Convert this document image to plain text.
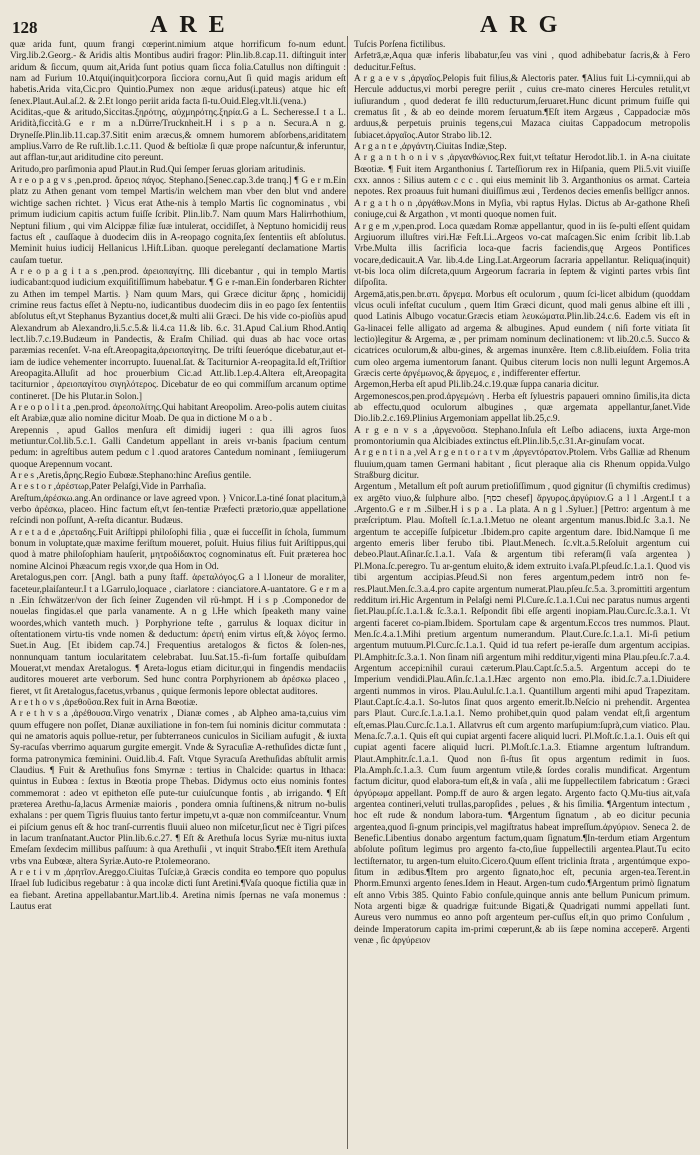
128	ARE	ARG

quæ arida funt, quum frangi cœperint.nimium atque horrificum fo-num edunt. Virg.lib.2.Georg.- & Aridis altis Montibus audiri fragor: Plin.lib.8.cap.11. diſtinguit inter aridum & ſiccum, quum ait,Arida ſunt potius quam ſicca folia.Catullus non diſtinguit : nam ad Furium 10.Atqui(inquit)corpora ſicciora cornu,Aut ſi quid magis aridum eſt habetis.Arida vita,Cic.pro Quintio.Pumex non æque aridus(i.pateus) atque hic eſt ſenex.Plaut.Aul.aſ.2. & 2.Et longo periit arida facta ſi-tu.Ouid.Eleg.vlt.li.(vena.)

Aciditas,-que & aritudo,Siccitas.ξηρότης, αὐχμηρότης.ξηρία.G a L. Secheresse.I t a L. Aridità,ficcità.G e r m a n.Dürre/Trucknheit.H i s p a n. Secura.A n g. Dryneſſe.Plin.lib.11.cap.37.Sitit enim aræcus,& omnem humorem abſorbens,ariditatem amplius.Varro de Re ruſt.lib.1.c.11. Quod & beſtiolæ ſi quæ prope naſcuntur,& inferuntur, aut afflan-tur,aut ariditudine cito pereunt.

Aritudo,pro parſimonia apud Plaut.in Rud.Qui ſemper ſeruas gloriam aritudinis.

A r e o p a g v s ,pen.prod. ἄρειος πάγος. Stephano.[Senec.cap.3.de tranq.] ¶ G e r m.Ein platz zu Athen genant vom tempel Martis/in welchem man vber den blut vnd andere wichtige sachen richtet. } Vicus erat Athe-nis à templo Martis ſic cognominatus , vbi primum iudicium capitis actum fuiſſe ſcribit. Plin.lib.7. Nam quum Mars Halirrhothium, Neptuni filium , qui vim Alcippæ filiæ ſuæ intulerat, occidiſſet, à Neptuno homicidij reus factus eſt , cauſſaque à duodecim diis in A-reopago cognita,ſex ſententiis eſt abſolutus. Meminit huius iudicij Hellanicus l.Hiſt.Liban. quoque perelegantí declamatione Martis cauſam tuetur.

A r e o p a g i t a s ,pen.prod. ἀρειοπαγίτης. Illi dicebantur , qui in templo Martis iudicabant:quod iudicium exquiſitiſſimum habebatur. ¶ G e r-man.Ein ſonderbaren Richter zu Athen im tempel Martis. } Nam quum Mars, qui Græce dicitur ἄρης , homicidij crimine reus factus eſſet à Neptu-no, iudicantibus duodecim diis in eo pago ſex ſententiis abſolutus eſt,vt Stephanus Byzantius docet,& multi alii Græci. De his vide co-pioſiùs apud Alexandrum ab Alexandro,li.5.c.5.& li.4.ca 11.& lib. 6.c. 31.Apud Cal.ium Rhod.Antiq lect.lib.7.c.19.Budæum in Pandectis, & Eraſm Chiliad. qui duas ab hac voce ortas paræmias recenſet. V-na eſt.Areopagita,ἀρειοπαγίτης. De triſti ſeueróque dicebatur,aut et-iam de iudice vehementer incorrupto. Iuuenal.ſat. & Taciturnior A-reopagita.Id eſt,Triſtior Areopagita.Alluſit ad hoc prouerbium Cic.ad Att.lib.1.ep.4.Altera eſt,Areopagita taciturnior , ἀρειοπαγίτου σιγηλότερος. Dicebatur de eo qui commiſſum arcanum optime contineret. [De his Plutar.in Solon.]

A r e o p o l i t a ,pen.prod. ἀρεοπολίτης.Qui habitant Areopolim. Areo-polis autem ciuitas eſt Arabiæ,quæ alio nomine dicitur Moab. De qua in dictione M o a b .

Arepennis , apud Gallos menſura eſt dimidij iugeri : qua illi agros ſuos metiuntur.Col.lib.5.c.1. Galli Candetum appellant in areis vr-banis ſpacium centum pedum: in agreſtibus autem pedum c l .quod aratores Cantedum nominant , ſemiiugerum quoque Arepennum vocant.

A r e s ,Aretis,ἄρης.Regio Eubœæ.Stephano:hinc Areſius gentile.

A r e s t o r ,ἀρέστωρ,Pater Pelaſgi,Vide in Parrhaſia.

Areſtum,ἀρέσκω.ang.An ordinance or lave agreed vpon. } Vnicor.La-tiné ſonat placitum,à verbo ἀρέσκω, placeo. Hinc factum eſt,vt ſen-tentiæ Præfecti prætorio,quæ appellatione reſcindi non poſſunt, A-reſta dicantur. Budæus.

A r e t a d e ,ἀρεταδης.Fuit Ariſtippi philoſophi filia , quæ ei ſucceſſit in ſchola, ſummum bonum in voluptate,quæ maxime feriſtum moueret, poſuit. Huius filius fuit Ariſtippus,qui quod à matre philoſophiam hauſerit, μητροδίδακτος cognominatus eſt. Fuit præterea hoc nomine Alcinoi Phæacum regis vxor,de qua Hom in Od.

Aretalogus,pen corr. [Angl. bath a puny ſtaff. ἀρεταλόγος.G a l l.Ioneur de moraliter, faceteur,plaiſanteur.I t a l.Garrulo,loquace , ciarlatore : cianciatore.A-uantatore. G e r m a n .Ein ſchwätzer/von der ſich ſeiner Zugenden vil rü-hmpt. H i s p .Componedor de nouelas fingidas.el que parla vanamente. A n g l.He which ſpeaketh many vaine woordes,which vanteth much. } Porphyrione teſte , garrulus & loquax dicitur in oſtentationem virtu-tis vnde nomen & deductum: ἀρετή enim virtus eſt,& λόγος ſermo. Suet.in Aug. [Et ibidem cap.74.] Frequentius aretalogos & fictos & ſolen-nes, nonnunquam tantum iocularitatem celebrabat. Iuu.Sat.15.-fi-ſum fortaſſe quibuſdam Mouerat,vt mendax Aretalogus. ¶ Areta-logus etiam dicitur,qui in fingendis mendaciis auditores moueret arte verborum. Sed hunc contra Porphyrionem ab ἀρέσκω placeo , fieret, vt ſit Aretalogus,facetus,vrbanus , quique ſermonis lepore oblectat auditores.

A r e t h o v s ,ἀρεθοῦσα.Rex fuit in Arna Bœotiæ.

A r e t h v s a ,ἀρέθουσα.Virgo venatrix , Dianæ comes , ab Alpheo ama-ta,cuius vim quum effugere non poſſet, Dianæ auxiliatione in fon-tem ſui nominis dicitur commutata : qui ne amatoris aquis pollue-retur, per ſubterraneos cuniculos in Siciliam aufugit , & iuxta Sy-racuſas vberrimo aquarum gurgite emergit. Vnde & Syracuſiæ A-rethuſides dictæ ſunt , forma patronymica fœminini. Ouid.lib.4. Faſt. Vtque Syracuſa Arethuſidas abſtulit armis Claudius. ¶ Fuit & Arethuſius fons Smyrnæ : tertius in Chalcide: quartus in Ithaca: quintus in Eubœa : ſextus in Bœotia prope Thebas. Didymus octo eius nominis fontes commemorat : adeo vt epitheton eſſe pute-tur cuiuſcunque fontis , ab irrigando. ¶ Eſt præterea Arethu-ſa,lacus Armeniæ maioris , pondera omnia ſuſtinens,& nitrum no-bulis exhalans : per quem Tigris fluuius tanto fertur impetu,vt a-quæ non commiſceantur. Vnum ei piſcium genus eſt & hoc tranſ-currentis fluuii alueo non miſcetur,ſicut nec è Tigri piſces in lacum tranſnatant.Auctor Plin.lib.6.c.27. ¶ Eſt & Arethuſa locus Syriæ mu-nitus iuxta Emeſam ſexdecim millibus paſſuum: à qua Arethuſii , vt inquit Strabo.¶Eſt item Arethuſa vrbs vna Eubœæ, altera Syriæ.Auto-re P.tolemeorano.

A r e t i v m ,ἀρητῖον.Areggo.Ciuitas Tuſciæ,à Græcis condita eo tempore quo populus Iſrael ſub Iudicibus regebatur : à qua incolæ dicti ſunt Aretini.¶Vaſa quoque fictilia quæ in ea fiebant. Aretina appellabantur.Mart.lib.4. Aretina nimis ſpernas ne vaſa monemus : Lautus erat

Tuſcis Porſena fictilibus.

Arfetrā,æ,Aqua quæ inferis libabatur,ſeu vas vini , quod adhibebatur ſacris,& à Fero deducitur.Feſtus.

A r g a e v s ,ἀργαῖος.Pelopis fuit filius,& Alectoris pater. ¶Alius fuit Li-cymnii,qui ab Hercule adductus,vi morbi peregre periit , cuius cre-mato cineres Hercules retulit,vt iuſiurandum , quod dederat fe illū reducturum,ſeruaret.Hunc dicunt primum fuiſſe qui crematus ſit , & ab eo deinde morem ſeruatum.¶Eſt item Argæus , Cappadociæ mōs arduus,& perpetuis pruinis tegens,cui Mazaca ciuitas Cappadocum metropolis ſubiacet.ἀργαῖος.Autor Strabo lib.12.

A r g a n t e ,ἀργάντη.Ciuitas Indiæ,Step.

A r g a n t h o n i v s ,ἀργανθώνιος.Rex fuit,vt teſtatur Herodot.lib.1. in A-na ciuitate Bœotiæ. ¶ Fuit item Arganthonius ſ. Tarteſſiorum rex in Hiſpania, quem Pli.5.vit viuiſſe cxx. annos : Silius autem c c c . qui eius meminit lib 3. Arganthonius os armat. Carteia nepotes. Rex proauus fuit humani diuiſſimus æui , Terdenos decies emenſis bellîgcr annos.

A r g a t h o n ,ἀργάθων.Mons in Myſia, vbi raptus Hylas. Dictus ab Ar-gathone Rheſi coniuge,cui & Argathon , vt monti quoque nomen fuit.

A r g e m ,ν,pen.prod. Loca quædam Romæ appellantur, quod in iis ſe-pulti eſſent quidam Argiuorum illuſtres viri.Hæ Feſt.Li..Argeos vo-cat maſcagen.Sic enim ſcribit lib.1.ab Vrbe.Multa illis ſacrificia loca-que facris faciendis,quę Argeos Pontifices vocare,dedicauit.A Var. lib.4.de Ling.Lat.Argeorum ſacraria appellantur. Reliqua(inquit) vt-bis loca olim diſcreta,quum Argeorum facraria in ſeptem & viginti partes vrbis ſint diſpoſita.

Argemā,atis,pen.br.ατι. ἄργεμα. Morbus eſt oculorum , quum ſci-licet albidum (quoddam vlcus oculi infeſtat cuculum , quem Itim Græci dicunt, quod mali genus albine eſt illi , quod Latinis Albugo vocatur.Græcis etiam λευκώματα.Plin.lib.24.c.6. Eadem vis eſt in Ga-linacei felle alligato ad argema & albugines. Apud eundem ( niſi forte vitiata ſit lectio)legitur & Argema, æ , per primam nominum declinationem: vt lib.20.c.5. Succo & cicatrices oculorum,& albu-gines, & argemas inunxêre. Item c.8.lib.eiuſdem. Folia trita cum oleo argema iumentorum ſanant. Quibus citerum locis non nulli legunt Argemos.A Græcis certe ἀργέμωνος,& ἄργεμος, ε , indifferenter effertur.

Argemon,Herba eſt apud Pli.lib.24.c.19.quæ ſuppa canaria dicitur.

Argemonescos,pen.prod.ἀργεμώνη . Herba eſt ſyluestris papaueri omnino ſimilis,ita dicta ab effectu,quod oculorum albugines , quæ argemata appellantur,ſanet.Vide Dio.lib.2.c.169.Plinius Argemoniam appellat lib.25,c.9.

A r g e n v s a ,ἀργενοῦσα. Stephano.Inſula eſt Leſbo adiacens, iuxta Arge-mon promontoriumin qua Alcibiades extinctus eſt.Plin.lib.5,c.31.Ar-ginuſam vocat.

A r g e n t i n a ,vel A r g e n t o r a t v m ,ἀργεντόρατον.Ptolem. Vrbs Galliæ ad Rhenum fluuium,quam tamen Germani habitant , ſicut pleraque alia cis Rhenum oppida.Vulgo Straßburg dicitur.

Argentum , Metallum eſt poſt aurum pretioſiſſimum , quod gignitur (ſi chymiſtis credimus) ex argēto viuo,& ſulphure albo. [כסף chesef] ἄργυρος.ἀργύριον.G a l l .Argent.I t a .Argento.G e r m .Silber.H i s p a . La plata. A n g l .Syluer.] [Pettro: argentum à me præſcriptum. Plau. Moſtell ſc.1.a.1.Metuo ne oleant argentum manus.Ibid.ſc 3.a.1. Ne argentum te accepiſſe ſuſpicetur .Ibidem.pro capite argentum dare. Ibid.Namque ſi me argento emeris liber ferubo tibi. Plaut.Menech. ſc.vlt.a.5.Reſoluit argentum cui debeo.Plaut.Aſinar.ſc.1.a.1. Vaſa & argentum tibi referam(ſi vaſa argentea ) Pl.Mona.ſc.peregro. Tu ar-gentum eluito,& idem extruito i.vaſa.Pl.pſeud.ſc.1.a.1. Quod vis tibi argentum accipias.Pſeud.Si non feres argentum,pedem intrō non fe-res.Plaut.Men.ſc.3.a.4.pro capite argentum numerat.Plau.pſeu.ſc.5.a. 3.promittiti argentum redditum iri.Hic Argentum in Pelaſgi nemi Pl.Cure.ſc.1.a.1.Cui nec paratus numus argenti ſiet.Plau.pſ.ſc.1.a.1.& ſc.3.a.1. Reſpondit ſibi eſſe argenti inopiam.Plau.Curc.ſc.3.a.1. Vt argenti faceret co-piam.Ibidem. Sportulam cape & argentum.Eccos tres nummos. Plaut. Men.ſc.4.a.1.Mihi pretium argentum numerandum. Plaut.Cure.ſc.1.a.1. Mi-ſi petium argentum mutuum.Pl.Curc.ſc.1.a.1. Quid id tua refert pe-ieraſſe dum argentum accipias. Pl.Amphitr.ſc.3.a.1. Non ſinam niſi argentum mihi redditur,vigenti mina Plau.pſeu.ſc.7.a.4. Argentum accepi:nihil curaui cæterum.Plau.Capt.ſc.5.a.5. Argentum accepi do te Imperium vendidi.Plau.Aſin.ſc.1.a.1.Hæc argento non emo.Pla. ibid.ſc.7.a.1.Diuidere argenti nummos in viros. Plau.Aulul.ſc.1.a.1. Quantillum argenti mihi apud Trapezitam. Plaut.Capt.ſc.4.a.1. So-lutos ſinat quos argento emerit.Ib.Neſcio ni prehendit. Argentea pars Plaut. Curc.ſc.1.a.1.a.1. Nemo prohibet,quin quod palam vendat eſt,ſi argentum eſt,emas.Plau.Curc.ſc.1.a.1. Allatvrus eſt cum argento marſupium:ſuprà,cum viatico. Plau. Mena.ſc.7.a.1. Quis eſt qui cupiat argenti facere aliquid lucri. Pl.Moſt.ſc.1.a.1. Ouis eſt qui cupiat agenti facere aliquid lucri. Pl.Moſt.ſc.1.a.3. Etiamne argentum luſtrandum. Plaut.Amphitr.ſc.1.a.1. Quod non ſi-ſtus ſit opus argentum redimit in ſuos. Pla.Amph.ſc.1.a.3. Cum ſuum argentum vtile,& ſordes coralis mundificat. Argentum factum dicitur, quod elabora-tum eſt,& in vaſa , alii me ſuppellectilem fabricatum : Græci ἀργύρωμα appellant. Pomp.ff de auro & argen legato. Argento facto Q.Mu-tius ait,vaſa argentea contineri,veluti trullas,paropſides , pelues , & his ſimilia. ¶Argentum intectum , hoc eſt rude & nondum labora-tum. ¶Argentum ſignatum , ab eo dicitur pecunia argentea,quod ſi-gnum principis,vel magiſtratus habeat impreſſum.ἀργύριον. Seneca 2. de Benefic.Libentius donabo argentum factum,quam ſignatum.¶In-terdum etiam Argentum abſolute poſitum legimus pro argento fa-cto,ſiue ſuppellectili argentea.Plaut.Tu ecito lectiſternator, tu argen-tum eluito.Cicero.Quum eſſent triclinia ſtrata , argentúmque expo-ſitum in ædibus.¶Item pro argento ſignato,hoc eſt, pecunia argen-tea.Terent.in Phorm.Emunxi argento ſenes.Idem in Heaut. Argen-tum cudo.¶Argentum primò ſignatum eſt anno Vrbis 385. Quinto Fabio conſule,quinque annis ante bellum Punicum primum. Nota argenti bigæ & quadrigæ fuit:unde Bigati,& Quadrigati nummi appellati ſunt. Aureus vero nummus eo anno poſt argenteum per-cuſſus eſt,in quo primo Conſulum , deinde Imperatorum capita im-primi cœperunt,& ab iis ſæpe nomina acceperē. Argenti venæ , ſic ἀργύρειον
